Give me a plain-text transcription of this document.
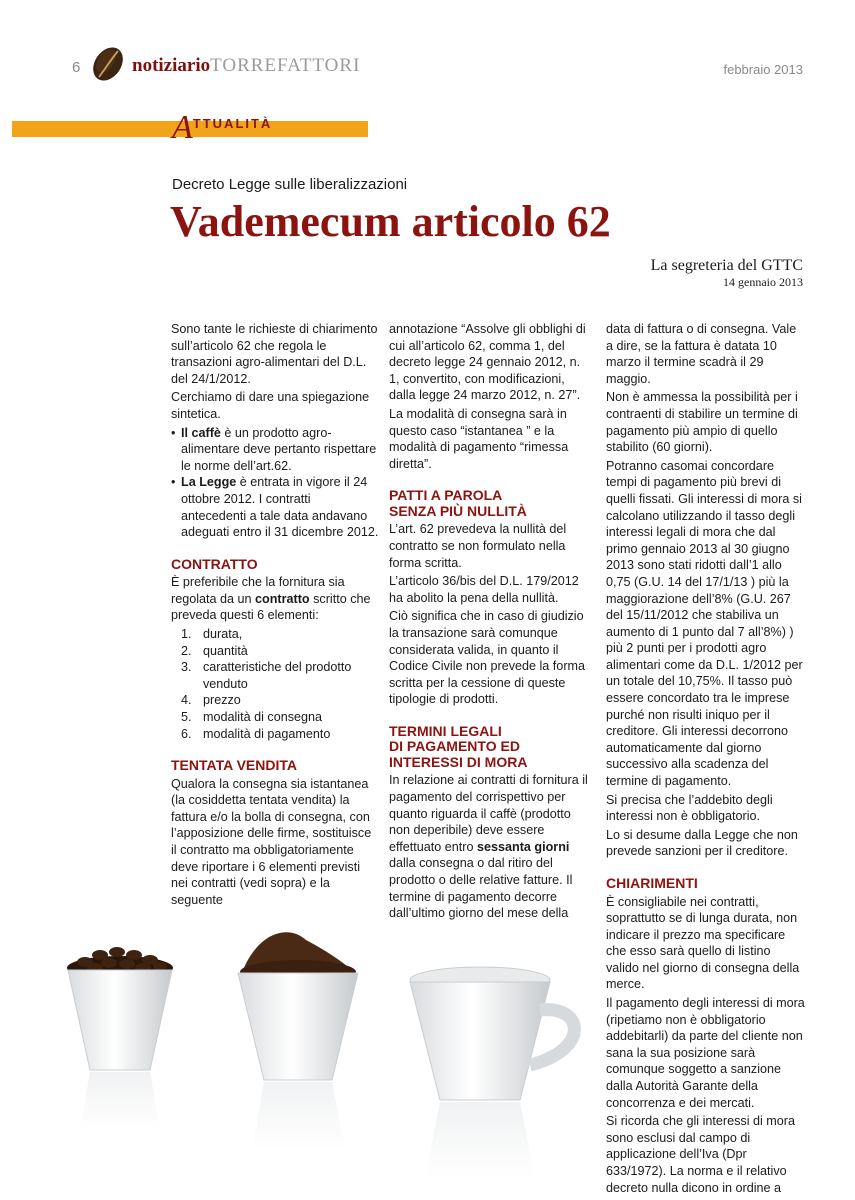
6	notiziarioTORREFATTORI	febbraio 2013
$A^{TTUALITÀ}$
Decreto Legge sulle liberalizzazioni
Vademecum articolo 62
La segreteria del GTTC
14 gennaio 2013

Sono tante le richieste di chiarimento sull’articolo 62 che regola le transazioni agro-alimentari del D.L. del 24/1/2012.

Cerchiamo di dare una spiegazione sintetica.

• Il caffè è un prodotto agro-alimentare deve pertanto rispettare le norme dell’art.62.
• La Legge è entrata in vigore il 24 ottobre 2012. I contratti antecedenti a tale data andavano adeguati entro il 31 dicembre 2012.
CONTRATTO

È preferibile che la fornitura sia regolata da un contratto scritto che preveda questi 6 elementi:

1. durata,
2. quantità
3. caratteristiche del prodotto venduto
4. prezzo
5. modalità di consegna
6. modalità di pagamento
TENTATA VENDITA

Qualora la consegna sia istantanea (la cosiddetta tentata vendita) la fattura e/o la bolla di consegna, con l’apposizione delle firme, sostituisce il contratto ma obbligatoriamente deve riportare i 6 elementi previsti nei contratti (vedi sopra) e la seguente

annotazione “Assolve gli obblighi di cui all’articolo 62, comma 1, del decreto legge 24 gennaio 2012, n. 1, convertito, con modificazioni, dalla legge 24 marzo 2012, n. 27”.

La modalità di consegna sarà in questo caso “istantanea ” e la modalità di pagamento “rimessa diretta”.

PATTI A PAROLA
SENZA PIÙ NULLITÀ

L’art. 62 prevedeva la nullità del contratto se non formulato nella forma scritta.

L’articolo 36/bis del D.L. 179/2012 ha abolito la pena della nullità.

Ciò significa che in caso di giudizio la transazione sarà comunque considerata valida, in quanto il Codice Civile non prevede la forma scritta per la cessione di queste tipologie di prodotti.

TERMINI LEGALI
DI PAGAMENTO ED
INTERESSI DI MORA

In relazione ai contratti di fornitura il pagamento del corrispettivo per quanto riguarda il caffè (prodotto non deperibile) deve essere effettuato entro sessanta giorni dalla consegna o dal ritiro del prodotto o delle relative fatture. Il termine di pagamento decorre dall’ultimo giorno del mese della

data di fattura o di consegna. Vale a dire, se la fattura è datata 10 marzo il termine scadrà il 29 maggio.

Non è ammessa la possibilità per i contraenti di stabilire un termine di pagamento più ampio di quello stabilito (60 giorni).

Potranno casomai concordare tempi di pagamento più brevi di quelli fissati. Gli interessi di mora si calcolano utilizzando il tasso degli interessi legali di mora che dal primo gennaio 2013 al 30 giugno 2013 sono stati ridotti dall’1 allo 0,75 (G.U. 14 del 17/1/13 ) più la maggiorazione dell’8% (G.U. 267 del 15/11/2012 che stabiliva un aumento di 1 punto dal 7 all’8%) ) più 2 punti per i prodotti agro alimentari come da D.L. 1/2012 per un totale del 10,75%. Il tasso può essere concordato tra le imprese purché non risulti iniquo per il creditore. Gli interessi decorrono automaticamente dal giorno successivo alla scadenza del termine di pagamento.

Si precisa che l’addebito degli interessi non è obbligatorio.

Lo si desume dalla Legge che non prevede sanzioni per il creditore.

CHIARIMENTI

È consigliabile nei contratti, soprattutto se di lunga durata, non indicare il prezzo ma specificare che esso sarà quello di listino valido nel giorno di consegna della merce.

Il pagamento degli interessi di mora (ripetiamo non è obbligatorio addebitarli) da parte del cliente non sana la sua posizione sarà comunque soggetto a sanzione dalla Autorità Garante della concorrenza e dei mercati.

Si ricorda che gli interessi di mora sono esclusi dal campo di applicazione dell’Iva (Dpr 633/1972). La norma e il relativo decreto nulla dicono in ordine a
